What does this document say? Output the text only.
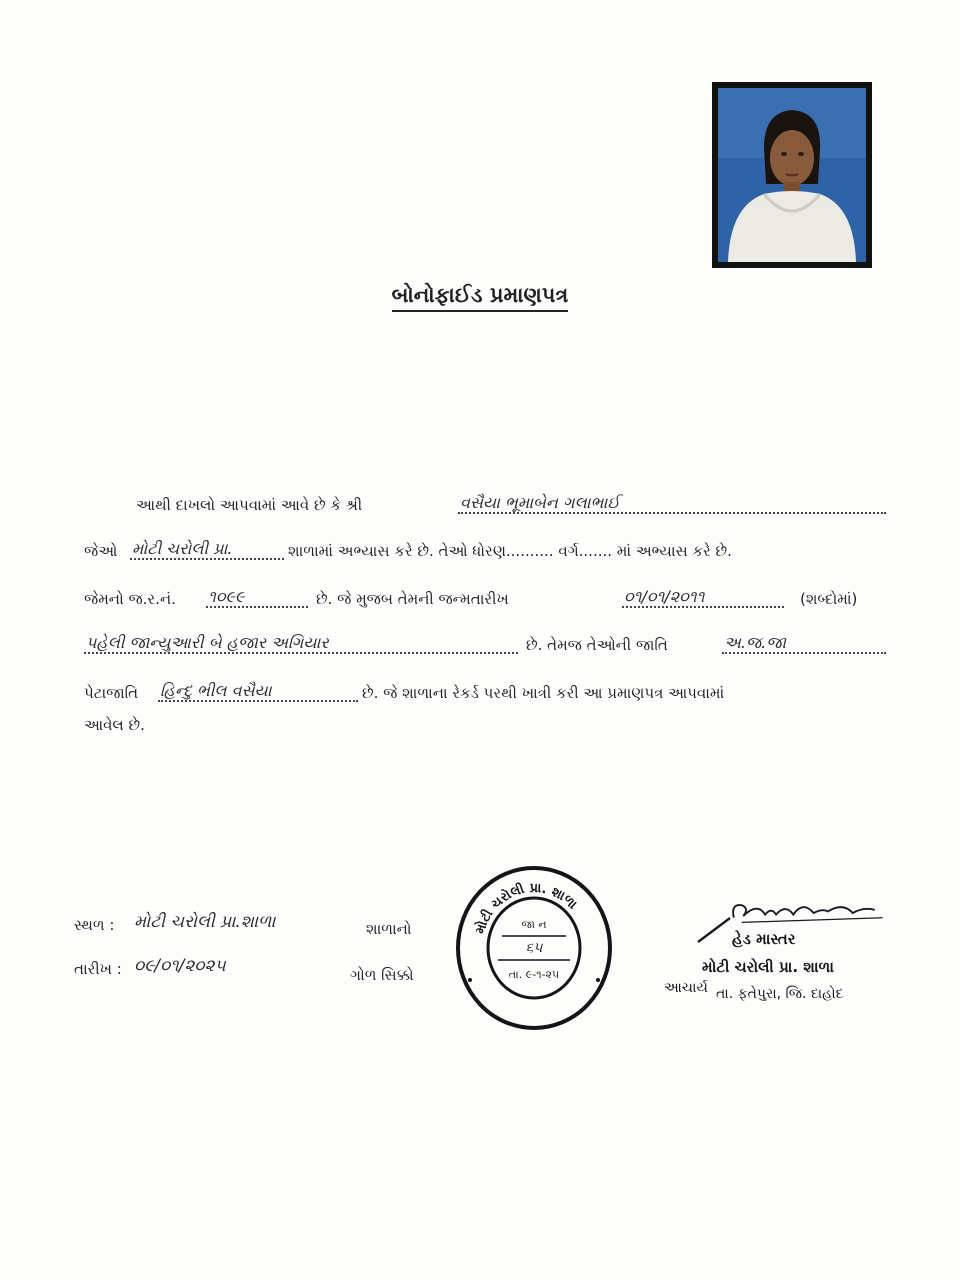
બોનોફાઈડ પ્રમાણપત્ર
આથી દાખલો આપવામાં આવે છે કે શ્રી	વસૈયા ભૂમાબેન ગલાભાઈ
જેઓ મોટી ચરોલી પ્રા.	શાળામાં અભ્યાસ કરે છે. તેઓ ધોરણ.......... વર્ગ....... માં અભ્યાસ કરે છે.
જેમનો જ.ર.નં. ૧૦૯૯	છે. જે મુજબ તેમની જન્મતારીખ	૦૧/૦૧/૨૦૧૧	(શબ્દોમાં)
પહેલી જાન્યુઆરી બે હજાર અગિયાર	છે. તેમજ તેઓની જાતિ	અ.જ.જા
પેટાજાતિ હિન્દુ ભીલ વસૈયા	છે. જે શાળાના રેકર્ડ પરથી ખાત્રી કરી આ પ્રમાણપત્ર આપવામાં
આવેલ છે.
સ્થળ : મોટી ચરોલી પ્રા.શાળા	શાળાનો
તારીખ : ૦૯/૦૧/૨૦૨૫	ગોળ સિક્કો
મોટી ચરોલી પ્રા. શાળા
જા ન
૬૫
તા. ૯-૧-૨૫
હેડ માસ્તર
મોટી ચરોલી પ્રા. શાળા
આચાર્ય તા. ફતેપુરા, જિ. દાહોદ
